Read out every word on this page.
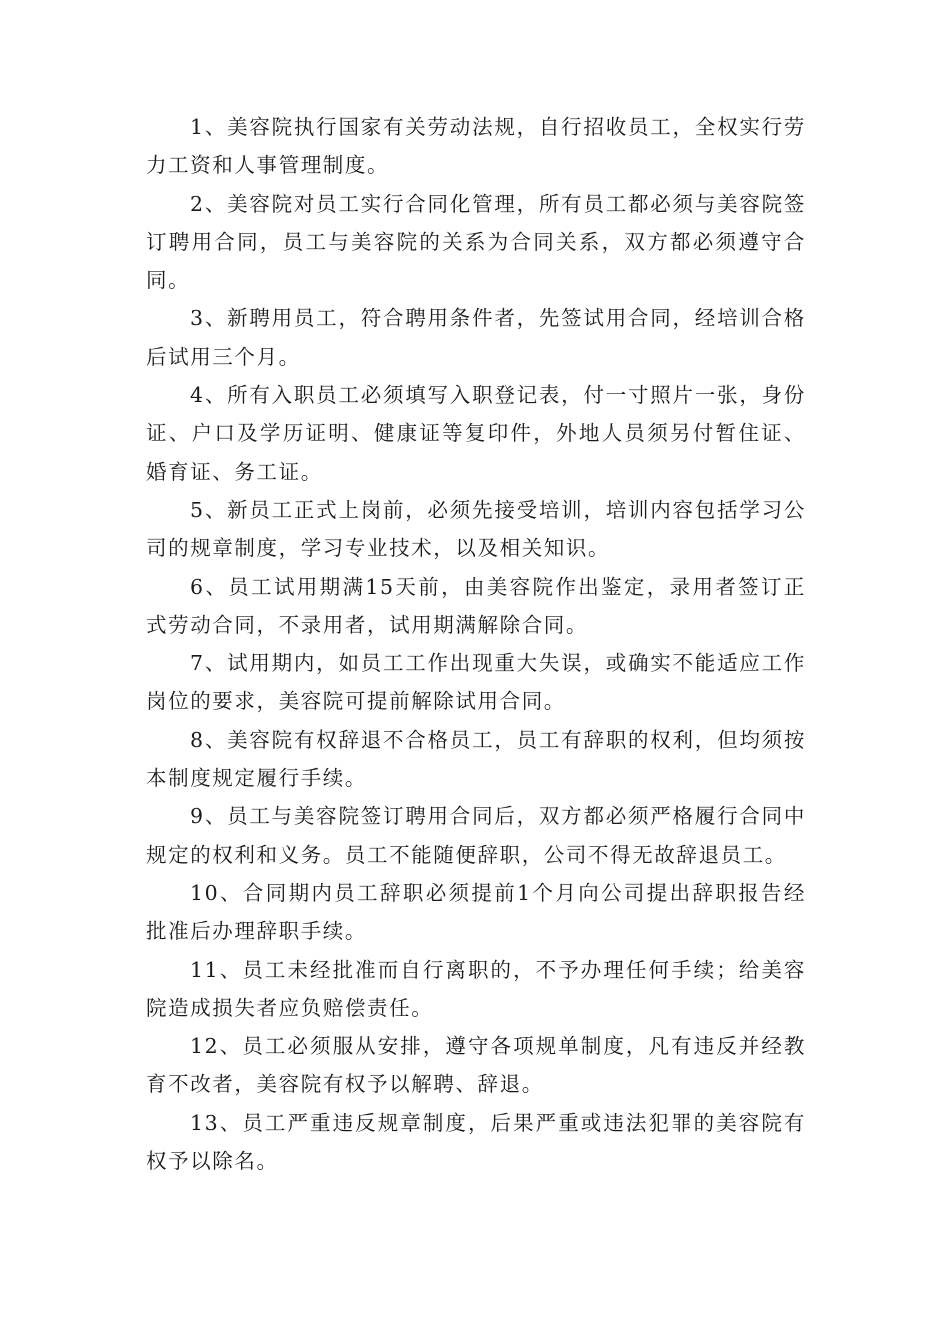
1、美容院执行国家有关劳动法规，自行招收员工，全权实行劳力工资和人事管理制度。

2、美容院对员工实行合同化管理，所有员工都必须与美容院签订聘用合同，员工与美容院的关系为合同关系，双方都必须遵守合同。

3、新聘用员工，符合聘用条件者，先签试用合同，经培训合格后试用三个月。

4、所有入职员工必须填写入职登记表，付一寸照片一张，身份证、户口及学历证明、健康证等复印件，外地人员须另付暂住证、婚育证、务工证。

5、新员工正式上岗前，必须先接受培训，培训内容包括学习公司的规章制度，学习专业技术，以及相关知识。

6、员工试用期满15天前，由美容院作出鉴定，录用者签订正式劳动合同，不录用者，试用期满解除合同。

7、试用期内，如员工工作出现重大失误，或确实不能适应工作岗位的要求，美容院可提前解除试用合同。

8、美容院有权辞退不合格员工，员工有辞职的权利，但均须按本制度规定履行手续。

9、员工与美容院签订聘用合同后，双方都必须严格履行合同中规定的权利和义务。员工不能随便辞职，公司不得无故辞退员工。

10、合同期内员工辞职必须提前1个月向公司提出辞职报告经批准后办理辞职手续。

11、员工未经批准而自行离职的，不予办理任何手续；给美容院造成损失者应负赔偿责任。

12、员工必须服从安排，遵守各项规单制度，凡有违反并经教育不改者，美容院有权予以解聘、辞退。

13、员工严重违反规章制度，后果严重或违法犯罪的美容院有权予以除名。
